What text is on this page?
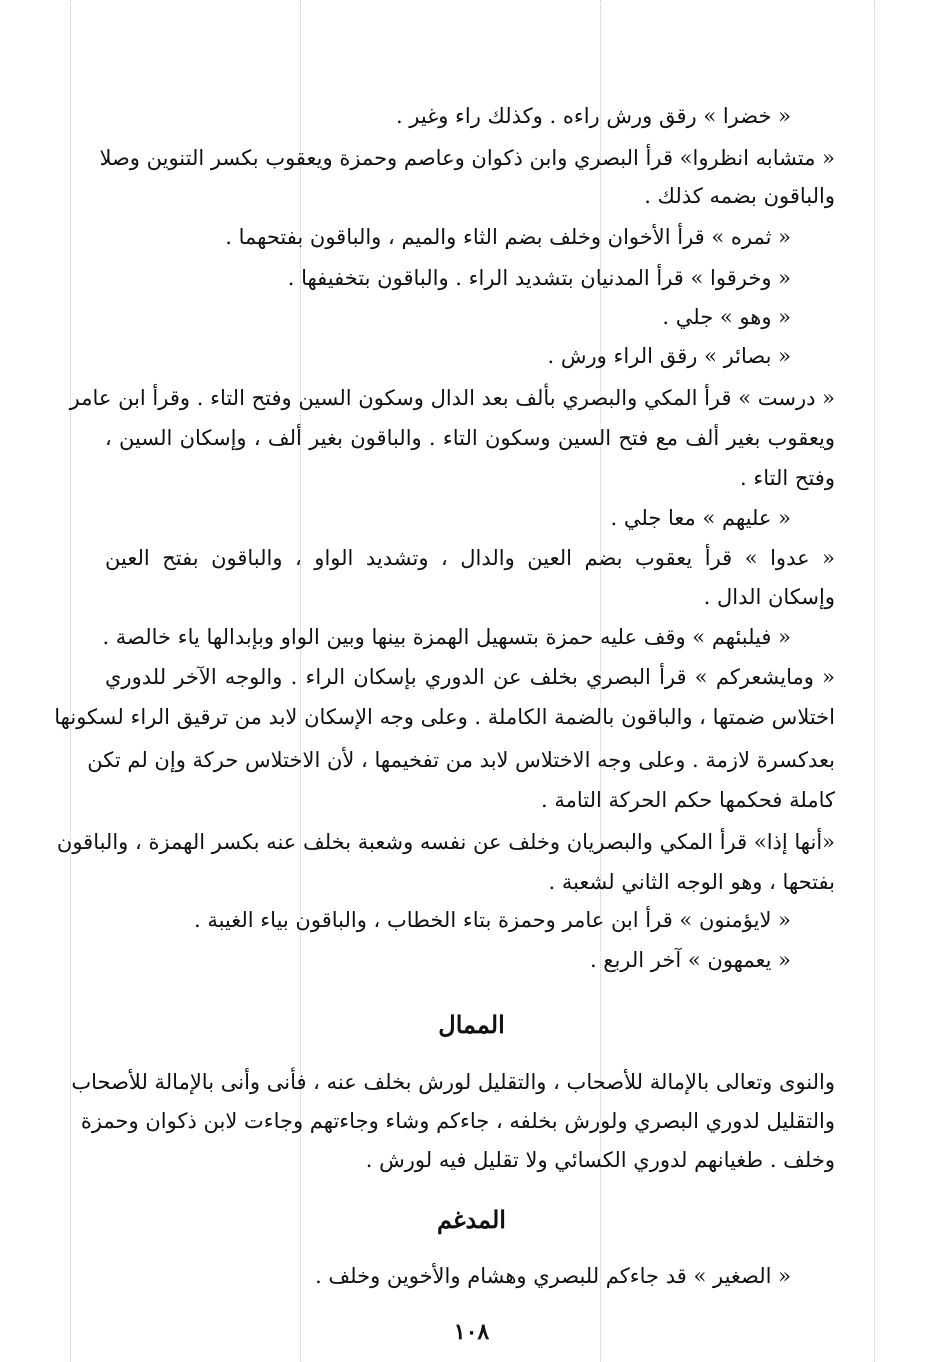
« خضرا » رقق ورش راءه . وكذلك راء وغير .
« متشابه انظروا» قرأ البصري وابن ذكوان وعاصم وحمزة ويعقوب بكسر التنوين وصلا
والباقون بضمه كذلك .
« ثمره » قرأ الأخوان وخلف بضم الثاء والميم ، والباقون بفتحهما .
« وخرقوا » قرأ المدنيان بتشديد الراء . والباقون بتخفيفها .
« وهو » جلي .
« بصائر » رقق الراء ورش .
« درست » قرأ المكي والبصري بألف بعد الدال وسكون السين وفتح التاء . وقرأ ابن عامر
ويعقوب بغير ألف مع فتح السين وسكون التاء . والباقون بغير ألف ، وإسكان السين ،
وفتح التاء .
« عليهم » معا جلي .
« عدوا » قرأ يعقوب بضم العين والدال ، وتشديد الواو ، والباقون بفتح العين
وإسكان الدال .
« فيلبئهم » وقف عليه حمزة بتسهيل الهمزة بينها وبين الواو وبإبدالها ياء خالصة .
« ومايشعركم » قرأ البصري بخلف عن الدوري بإسكان الراء . والوجه الآخر للدوري
اختلاس ضمتها ، والباقون بالضمة الكاملة . وعلى وجه الإسكان لابد من ترقيق الراء لسكونها
بعدكسرة لازمة . وعلى وجه الاختلاس لابد من تفخيمها ، لأن الاختلاس حركة وإن لم تكن
كاملة فحكمها حكم الحركة التامة .
«أنها إذا» قرأ المكي والبصريان وخلف عن نفسه وشعبة بخلف عنه بكسر الهمزة ، والباقون
بفتحها ، وهو الوجه الثاني لشعبة .
« لايؤمنون » قرأ ابن عامر وحمزة بتاء الخطاب ، والباقون بياء الغيبة .
« يعمهون » آخر الربع .
الممال
والنوى وتعالى بالإمالة للأصحاب ، والتقليل لورش بخلف عنه ، فأنى وأنى بالإمالة للأصحاب
والتقليل لدوري البصري ولورش بخلفه ، جاءكم وشاء وجاءتهم وجاءت لابن ذكوان وحمزة
وخلف . طغيانهم لدوري الكسائي ولا تقليل فيه لورش .
المدغم
« الصغير » قد جاءكم للبصري وهشام والأخوين وخلف .
١٠٨
